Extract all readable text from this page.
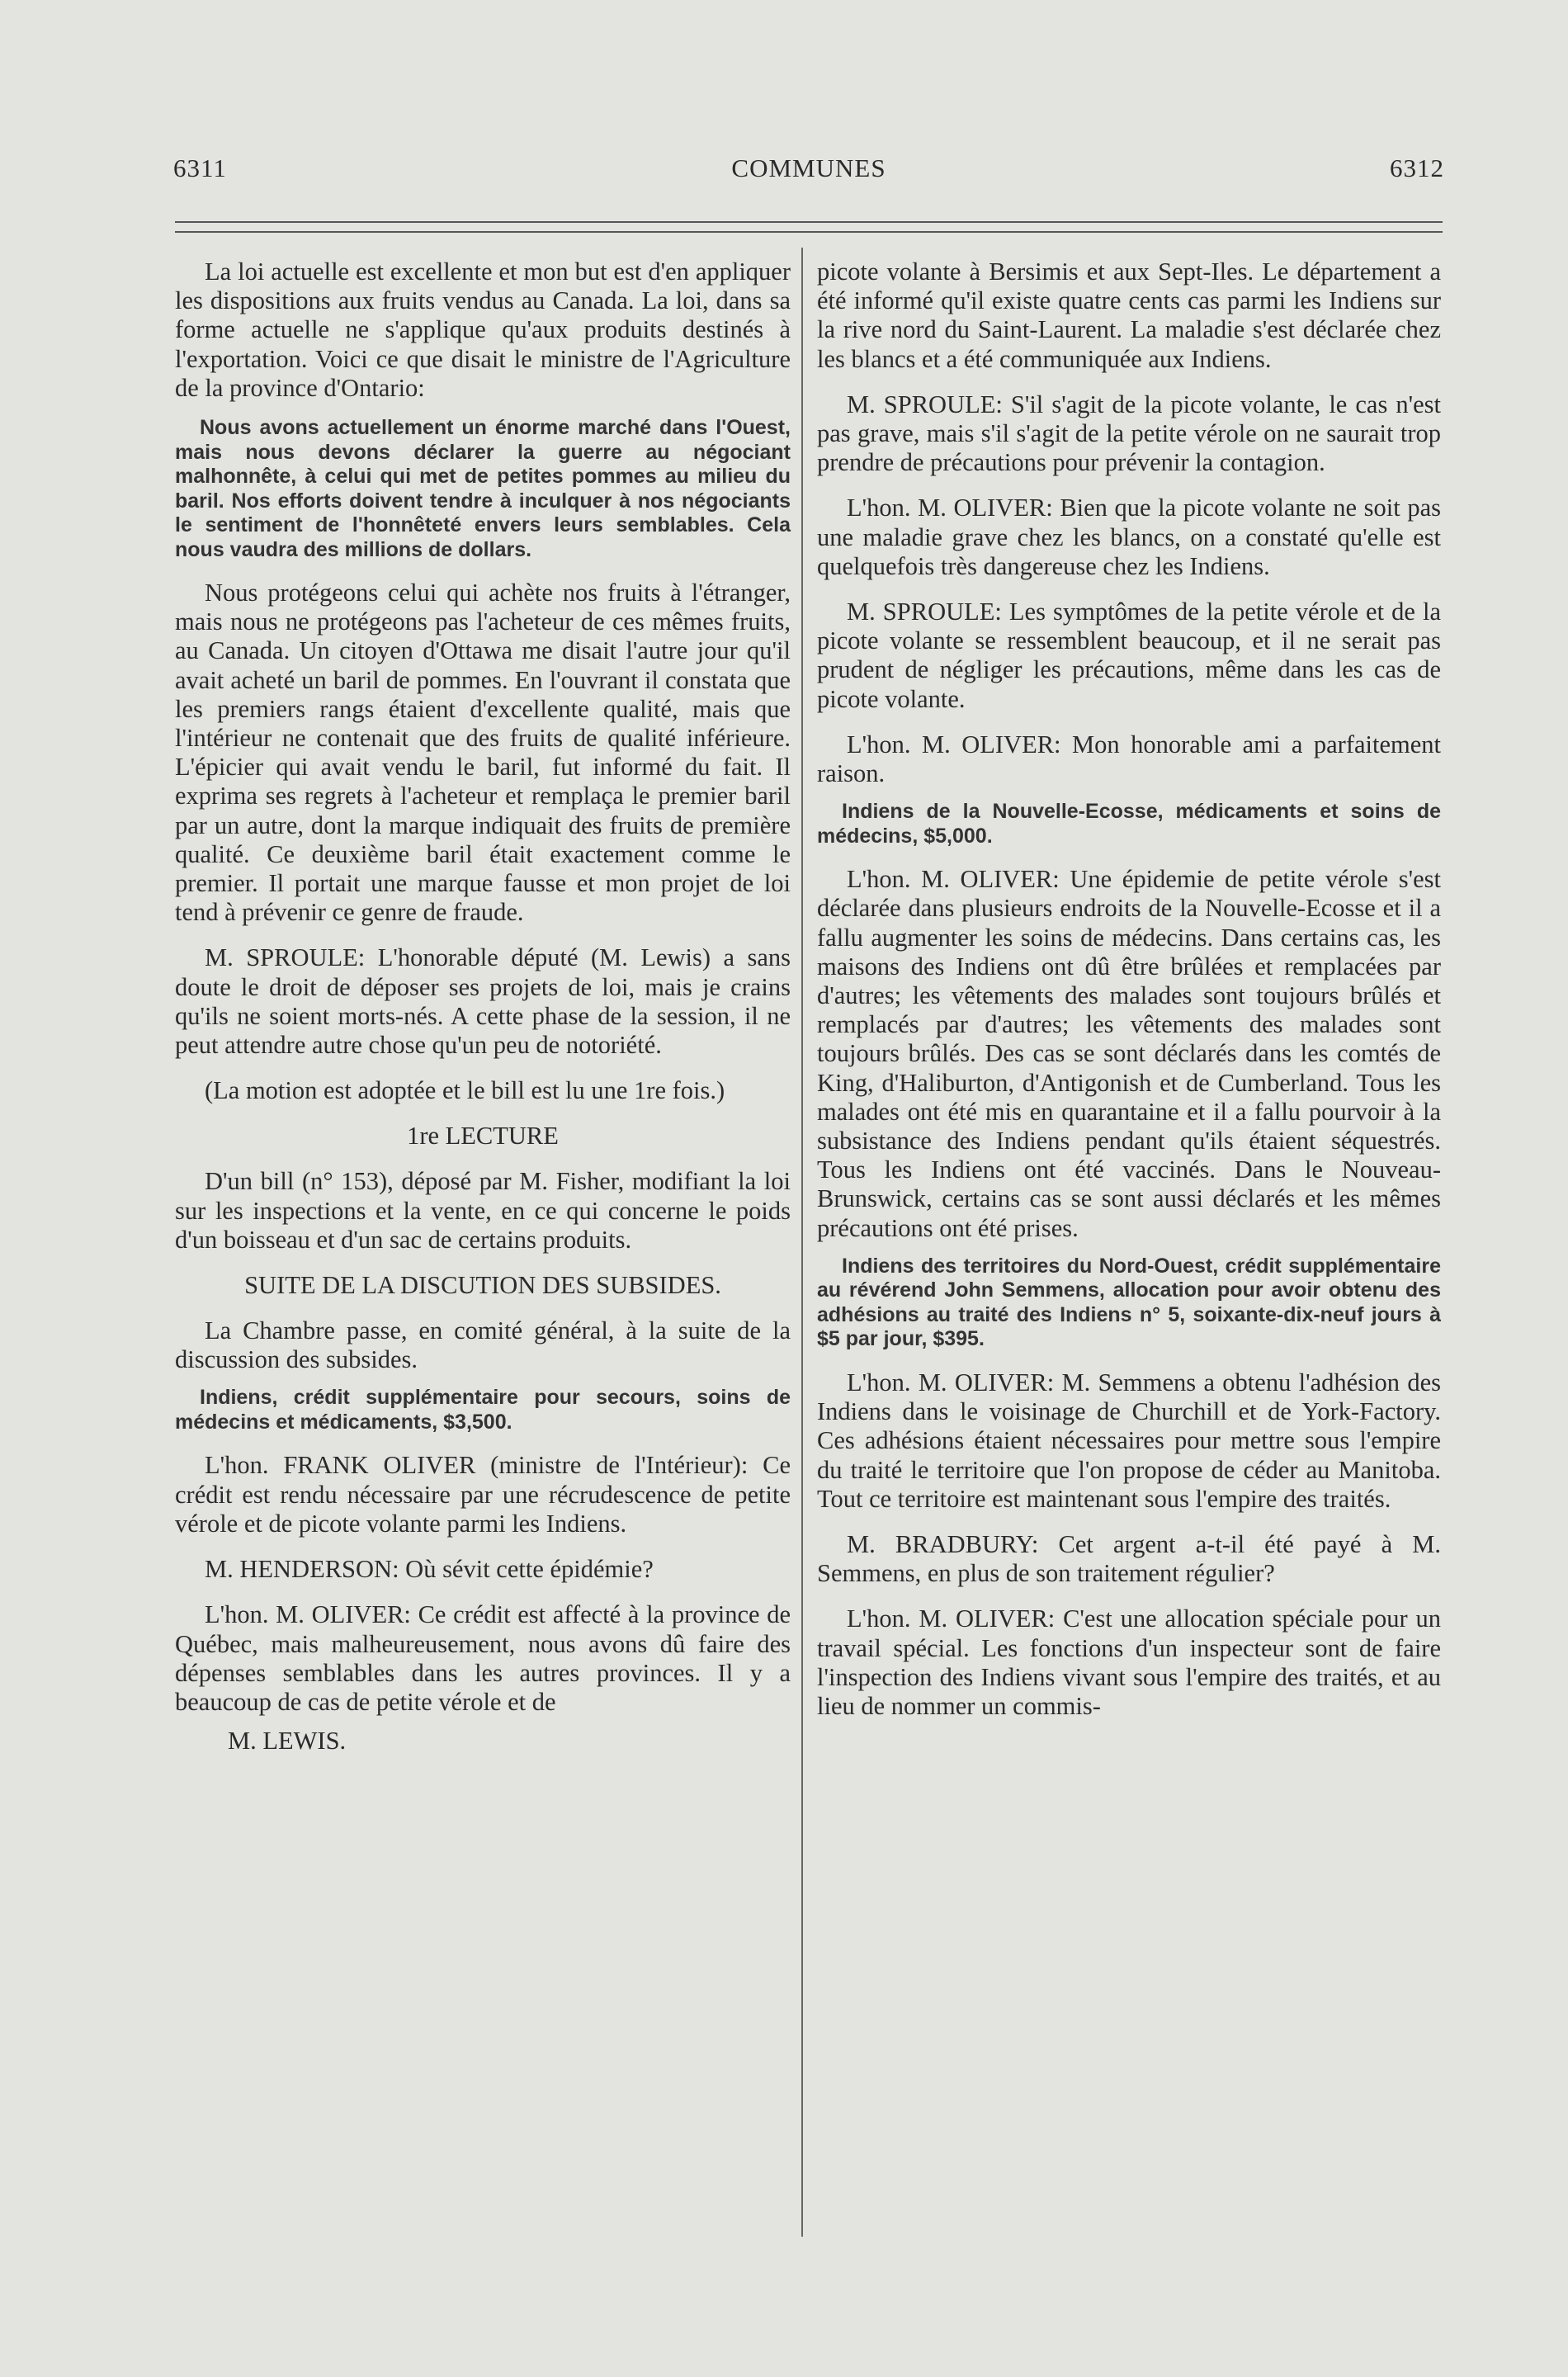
6311	COMMUNES	6312

La loi actuelle est excellente et mon but est d'en appliquer les dispositions aux fruits vendus au Canada. La loi, dans sa forme actuelle ne s'applique qu'aux produits destinés à l'exportation. Voici ce que disait le ministre de l'Agriculture de la province d'Ontario:

Nous avons actuellement un énorme marché dans l'Ouest, mais nous devons déclarer la guerre au négociant malhonnête, à celui qui met de petites pommes au milieu du baril. Nos efforts doivent tendre à inculquer à nos négociants le sentiment de l'honnêteté envers leurs semblables. Cela nous vaudra des millions de dollars.

Nous protégeons celui qui achète nos fruits à l'étranger, mais nous ne protégeons pas l'acheteur de ces mêmes fruits, au Canada. Un citoyen d'Ottawa me disait l'autre jour qu'il avait acheté un baril de pommes. En l'ouvrant il constata que les premiers rangs étaient d'excellente qualité, mais que l'intérieur ne contenait que des fruits de qualité inférieure. L'épicier qui avait vendu le baril, fut informé du fait. Il exprima ses regrets à l'acheteur et remplaça le premier baril par un autre, dont la marque indiquait des fruits de première qualité. Ce deuxième baril était exactement comme le premier. Il portait une marque fausse et mon projet de loi tend à prévenir ce genre de fraude.

M. SPROULE: L'honorable député (M. Lewis) a sans doute le droit de déposer ses projets de loi, mais je crains qu'ils ne soient morts-nés. A cette phase de la session, il ne peut attendre autre chose qu'un peu de notoriété.

(La motion est adoptée et le bill est lu une 1re fois.)

1re LECTURE

D'un bill (n° 153), déposé par M. Fisher, modifiant la loi sur les inspections et la vente, en ce qui concerne le poids d'un boisseau et d'un sac de certains produits.

SUITE DE LA DISCUTION DES SUBSIDES.

La Chambre passe, en comité général, à la suite de la discussion des subsides.

Indiens, crédit supplémentaire pour secours, soins de médecins et médicaments, $3,500.

L'hon. FRANK OLIVER (ministre de l'Intérieur): Ce crédit est rendu nécessaire par une récrudescence de petite vérole et de picote volante parmi les Indiens.

M. HENDERSON: Où sévit cette épidémie?

L'hon. M. OLIVER: Ce crédit est affecté à la province de Québec, mais malheureusement, nous avons dû faire des dépenses semblables dans les autres provinces. Il y a beaucoup de cas de petite vérole et de

M. LEWIS.

picote volante à Bersimis et aux Sept-Iles. Le département a été informé qu'il existe quatre cents cas parmi les Indiens sur la rive nord du Saint-Laurent. La maladie s'est déclarée chez les blancs et a été communiquée aux Indiens.

M. SPROULE: S'il s'agit de la picote volante, le cas n'est pas grave, mais s'il s'agit de la petite vérole on ne saurait trop prendre de précautions pour prévenir la contagion.

L'hon. M. OLIVER: Bien que la picote volante ne soit pas une maladie grave chez les blancs, on a constaté qu'elle est quelquefois très dangereuse chez les Indiens.

M. SPROULE: Les symptômes de la petite vérole et de la picote volante se ressemblent beaucoup, et il ne serait pas prudent de négliger les précautions, même dans les cas de picote volante.

L'hon. M. OLIVER: Mon honorable ami a parfaitement raison.

Indiens de la Nouvelle-Ecosse, médicaments et soins de médecins, $5,000.

L'hon. M. OLIVER: Une épidemie de petite vérole s'est déclarée dans plusieurs endroits de la Nouvelle-Ecosse et il a fallu augmenter les soins de médecins. Dans certains cas, les maisons des Indiens ont dû être brûlées et remplacées par d'autres; les vêtements des malades sont toujours brûlés et remplacés par d'autres; les vêtements des malades sont toujours brûlés. Des cas se sont déclarés dans les comtés de King, d'Haliburton, d'Antigonish et de Cumberland. Tous les malades ont été mis en quarantaine et il a fallu pourvoir à la subsistance des Indiens pendant qu'ils étaient séquestrés. Tous les Indiens ont été vaccinés. Dans le Nouveau-Brunswick, certains cas se sont aussi déclarés et les mêmes précautions ont été prises.

Indiens des territoires du Nord-Ouest, crédit supplémentaire au révérend John Semmens, allocation pour avoir obtenu des adhésions au traité des Indiens n° 5, soixante-dix-neuf jours à $5 par jour, $395.

L'hon. M. OLIVER: M. Semmens a obtenu l'adhésion des Indiens dans le voisinage de Churchill et de York-Factory. Ces adhésions étaient nécessaires pour mettre sous l'empire du traité le territoire que l'on propose de céder au Manitoba. Tout ce territoire est maintenant sous l'empire des traités.

M. BRADBURY: Cet argent a-t-il été payé à M. Semmens, en plus de son traitement régulier?

L'hon. M. OLIVER: C'est une allocation spéciale pour un travail spécial. Les fonctions d'un inspecteur sont de faire l'inspection des Indiens vivant sous l'empire des traités, et au lieu de nommer un commis-
